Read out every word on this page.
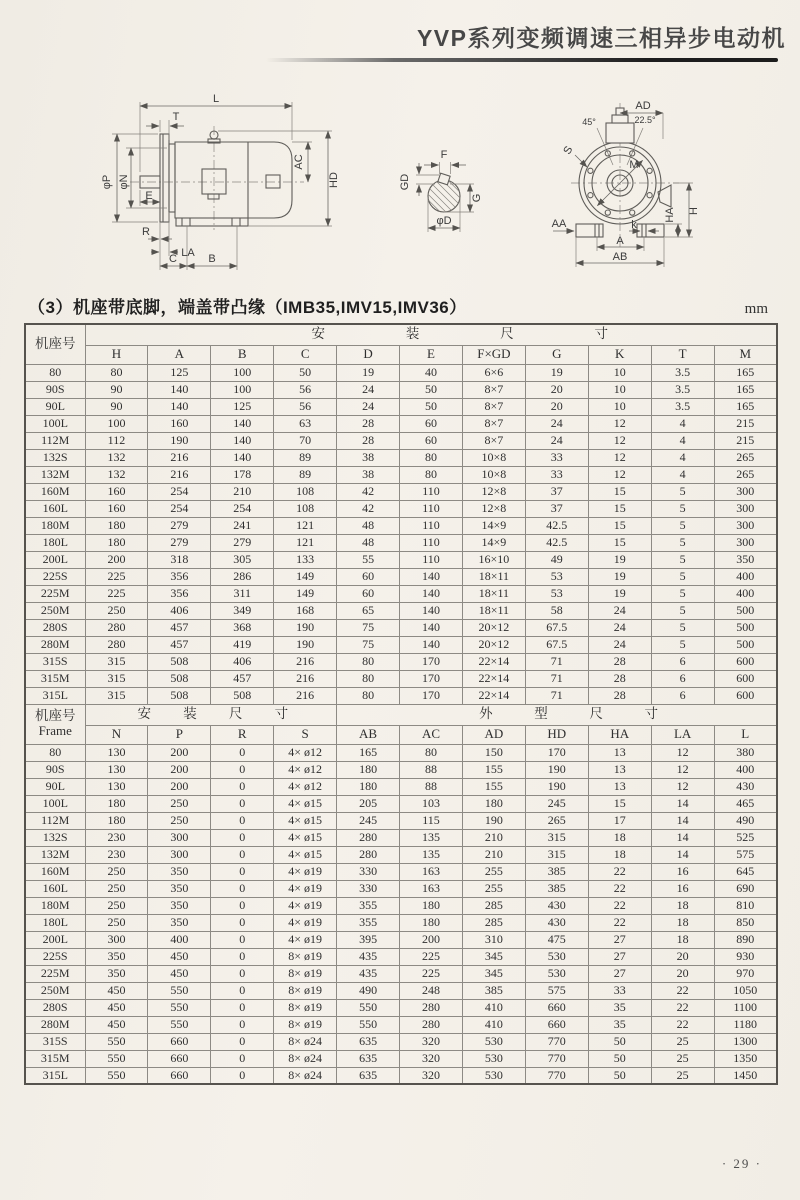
YVP系列变频调速三相异步电动机
L
T
φP φN
E
R
LA
C	B
AC
HD
F
GD
G
φD
AD
45°	22.5°
S
M
HA H
AA	k
A
AB
（3）机座带底脚，端盖带凸缘（IMB35,IMV15,IMV36）	mm
机座号	安 装 尺 寸										

	H	A	B	C	D	E	F×GD	G	K	T	M
80	80	125	100	50	19	40	6×6	19	10	3.5	165
90S	90	140	100	56	24	50	8×7	20	10	3.5	165
90L	90	140	125	56	24	50	8×7	20	10	3.5	165
100L	100	160	140	63	28	60	8×7	24	12	4	215
112M	112	190	140	70	28	60	8×7	24	12	4	215
132S	132	216	140	89	38	80	10×8	33	12	4	265
132M	132	216	178	89	38	80	10×8	33	12	4	265
160M	160	254	210	108	42	110	12×8	37	15	5	300
160L	160	254	254	108	42	110	12×8	37	15	5	300
180M	180	279	241	121	48	110	14×9	42.5	15	5	300
180L	180	279	279	121	48	110	14×9	42.5	15	5	300
200L	200	318	305	133	55	110	16×10	49	19	5	350
225S	225	356	286	149	60	140	18×11	53	19	5	400
225M	225	356	311	149	60	140	18×11	53	19	5	400
250M	250	406	349	168	65	140	18×11	58	24	5	500
280S	280	457	368	190	75	140	20×12	67.5	24	5	500
280M	280	457	419	190	75	140	20×12	67.5	24	5	500
315S	315	508	406	216	80	170	22×14	71	28	6	600
315M	315	508	457	216	80	170	22×14	71	28	6	600
315L	315	508	508	216	80	170	22×14	71	28	6	600
机座号
Frame	安 装 尺 寸				外 型 尺 寸						

	N	P	R	S	AB	AC	AD	HD	HA	LA	L
80	130	200	0	4× ø12	165	80	150	170	13	12	380
90S	130	200	0	4× ø12	180	88	155	190	13	12	400
90L	130	200	0	4× ø12	180	88	155	190	13	12	430
100L	180	250	0	4× ø15	205	103	180	245	15	14	465
112M	180	250	0	4× ø15	245	115	190	265	17	14	490
132S	230	300	0	4× ø15	280	135	210	315	18	14	525
132M	230	300	0	4× ø15	280	135	210	315	18	14	575
160M	250	350	0	4× ø19	330	163	255	385	22	16	645
160L	250	350	0	4× ø19	330	163	255	385	22	16	690
180M	250	350	0	4× ø19	355	180	285	430	22	18	810
180L	250	350	0	4× ø19	355	180	285	430	22	18	850
200L	300	400	0	4× ø19	395	200	310	475	27	18	890
225S	350	450	0	8× ø19	435	225	345	530	27	20	930
225M	350	450	0	8× ø19	435	225	345	530	27	20	970
250M	450	550	0	8× ø19	490	248	385	575	33	22	1050
280S	450	550	0	8× ø19	550	280	410	660	35	22	1100
280M	450	550	0	8× ø19	550	280	410	660	35	22	1180
315S	550	660	0	8× ø24	635	320	530	770	50	25	1300
315M	550	660	0	8× ø24	635	320	530	770	50	25	1350
315L	550	660	0	8× ø24	635	320	530	770	50	25	1450
· 29 ·
